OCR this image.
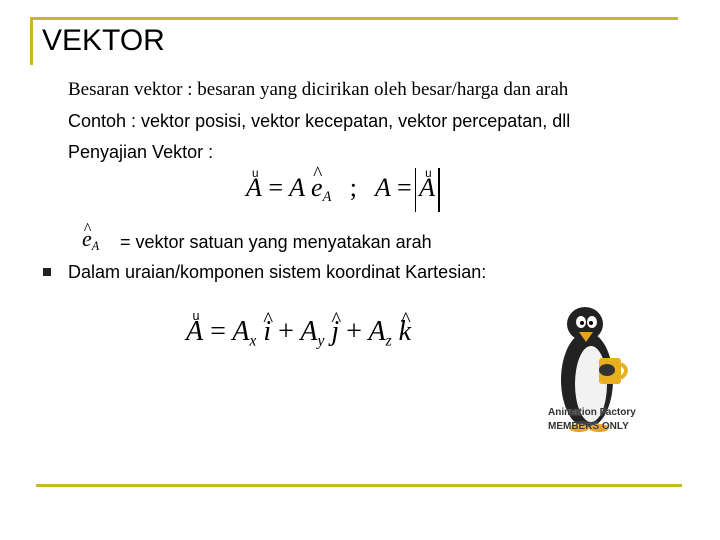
VEKTOR
Besaran vektor : besaran yang dicirikan oleh besar/harga dan arah
Contoh : vektor posisi, vektor kecepatan, vektor percepatan, dll
Penyajian Vektor :
u A = A ^ $e_A$ ; A = u A
^ $e_A$ = vektor satuan yang menyatakan arah
Dalam uraian/komponen sistem koordinat Kartesian:
u $A = A_x$ ^ $i + A_y$ ^ $j + A_z$ ^ k
Animation Factory
MEMBERS ONLY
